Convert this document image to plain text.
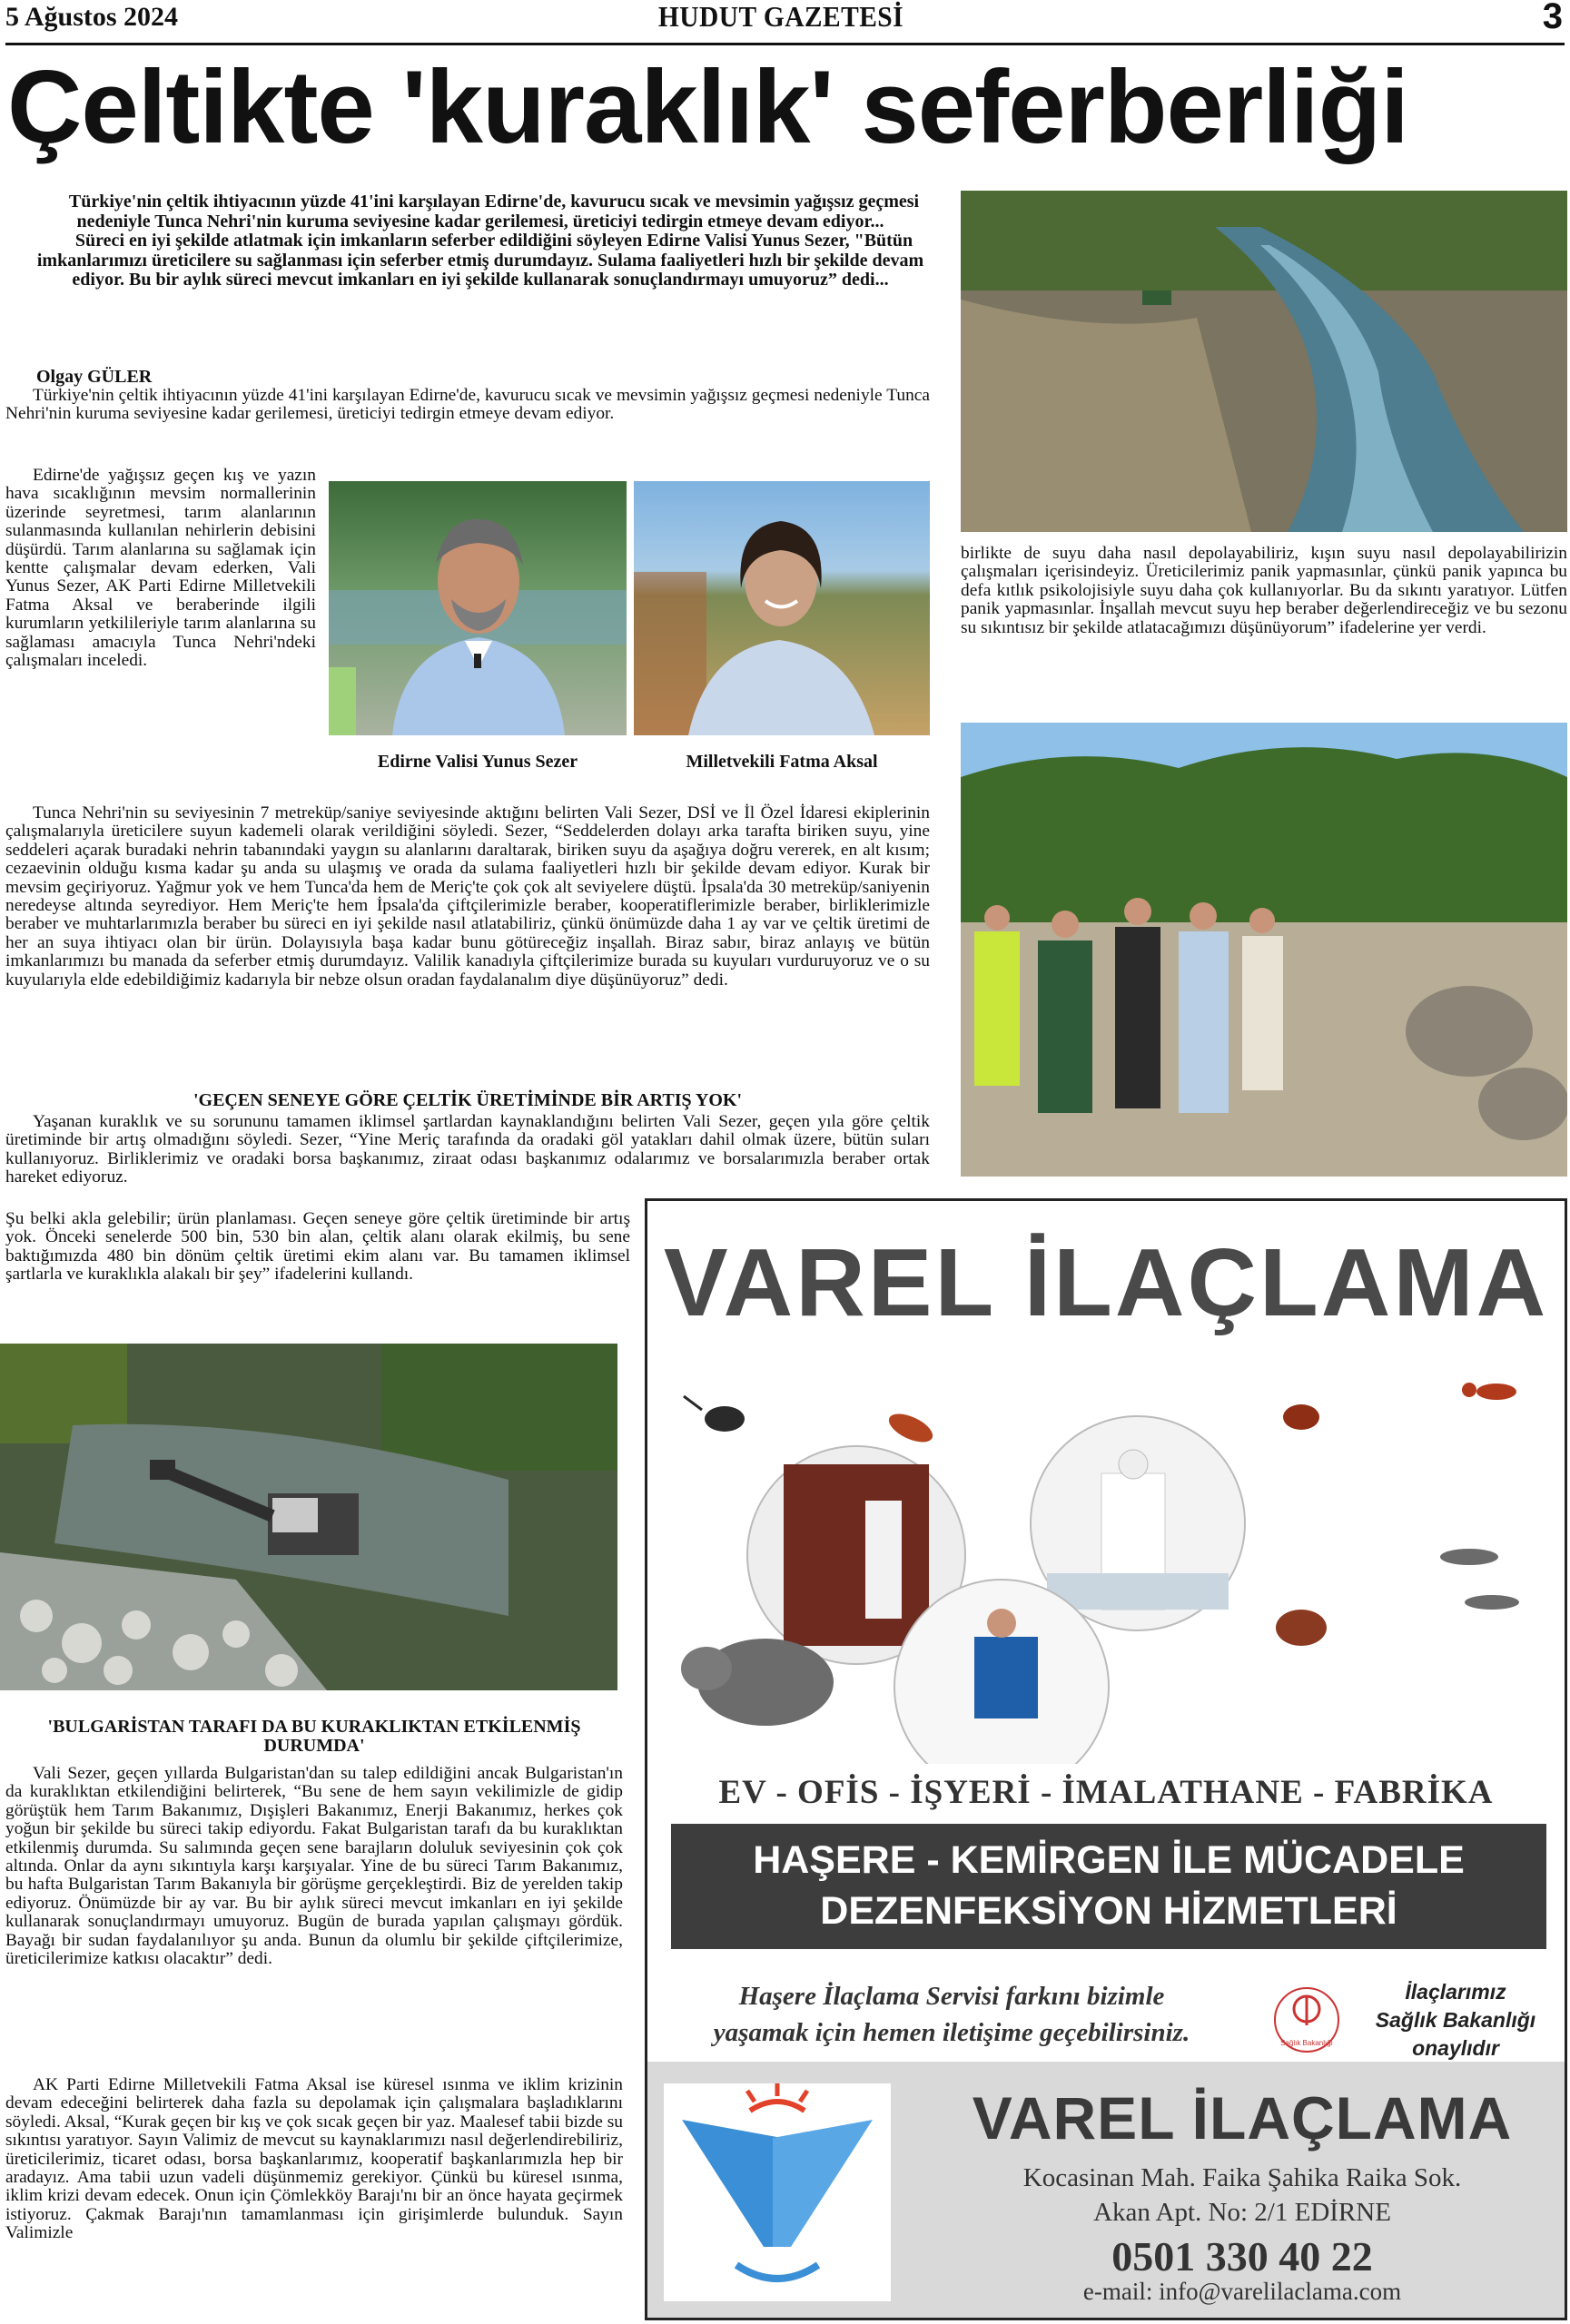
5 Ağustos 2024	HUDUT GAZETESİ	3
Çeltikte 'kuraklık' seferberliği

Türkiye'nin çeltik ihtiyacının yüzde 41'ini karşılayan Edirne'de, kavurucu sıcak ve mevsimin yağışsız geçmesi nedeniyle Tunca Nehri'nin kuruma seviyesine kadar gerilemesi, üreticiyi tedirgin etmeye devam ediyor...

Süreci en iyi şekilde atlatmak için imkanların seferber edildiğini söyleyen Edirne Valisi Yunus Sezer, "Bütün imkanlarımızı üreticilere su sağlanması için seferber etmiş durumdayız. Sulama faaliyetleri hızlı bir şekilde devam ediyor. Bu bir aylık süreci mevcut imkanları en iyi şekilde kullanarak sonuçlandırmayı umuyoruz” dedi...

Olgay GÜLER

Türkiye'nin çeltik ihtiyacının yüzde 41'ini karşılayan Edirne'de, kavurucu sıcak ve mevsimin yağışsız geçmesi nedeniyle Tunca Nehri'nin kuruma seviyesine kadar gerilemesi, üreticiyi tedirgin etmeye devam ediyor.

Edirne'de yağışsız geçen kış ve yazın hava sıcaklığının mevsim normallerinin üzerinde seyretmesi, tarım alanlarının sulanmasında kullanılan nehirlerin debisini düşürdü. Tarım alanlarına su sağlamak için kentte çalışmalar devam ederken, Vali Yunus Sezer, AK Parti Edirne Milletvekili Fatma Aksal ve beraberinde ilgili kurumların yetkilileriyle tarım alanlarına su sağlaması amacıyla Tunca Nehri'ndeki çalışmaları inceledi.

Edirne Valisi Yunus Sezer	Milletvekili Fatma Aksal

Tunca Nehri'nin su seviyesinin 7 metreküp/saniye seviyesinde aktığını belirten Vali Sezer, DSİ ve İl Özel İdaresi ekiplerinin çalışmalarıyla üreticilere suyun kademeli olarak verildiğini söyledi. Sezer, “Seddelerden dolayı arka tarafta biriken suyu, yine seddeleri açarak buradaki nehrin tabanındaki yaygın su alanlarını daraltarak, biriken suyu da aşağıya doğru vererek, en alt kısım; cezaevinin olduğu kısma kadar şu anda su ulaşmış ve orada da sulama faaliyetleri hızlı bir şekilde devam ediyor. Kurak bir mevsim geçiriyoruz. Yağmur yok ve hem Tunca'da hem de Meriç'te çok çok alt seviyelere düştü. İpsala'da 30 metreküp/saniyenin neredeyse altında seyrediyor. Hem Meriç'te hem İpsala'da çiftçilerimizle beraber, kooperatiflerimizle beraber, birliklerimizle beraber ve muhtarlarımızla beraber bu süreci en iyi şekilde nasıl atlatabiliriz, çünkü önümüzde daha 1 ay var ve çeltik üretimi de her an suya ihtiyacı olan bir ürün. Dolayısıyla başa kadar bunu götüreceğiz inşallah. Biraz sabır, biraz anlayış ve bütün imkanlarımızı bu manada da seferber etmiş durumdayız. Valilik kanadıyla çiftçilerimize burada su kuyuları vurduruyoruz ve o su kuyularıyla elde edebildiğimiz kadarıyla bir nebze olsun oradan faydalanalım diye düşünüyoruz” dedi.

'GEÇEN SENEYE GÖRE ÇELTİK ÜRETİMİNDE BİR ARTIŞ YOK'

Yaşanan kuraklık ve su sorununu tamamen iklimsel şartlardan kaynaklandığını belirten Vali Sezer, geçen yıla göre çeltik üretiminde bir artış olmadığını söyledi. Sezer, “Yine Meriç tarafında da oradaki göl yatakları dahil olmak üzere, bütün suları kullanıyoruz. Birliklerimiz ve oradaki borsa başkanımız, ziraat odası başkanımız odalarımız ve borsalarımızla beraber ortak hareket ediyoruz.

Şu belki akla gelebilir; ürün planlaması. Geçen seneye göre çeltik üretiminde bir artış yok. Önceki senelerde 500 bin, 530 bin alan, çeltik alanı olarak ekilmiş, bu sene baktığımızda 480 bin dönüm çeltik üretimi ekim alanı var. Bu tamamen iklimsel şartlarla ve kuraklıkla alakalı bir şey” ifadelerini kullandı.

'BULGARİSTAN TARAFI DA BU KURAKLIKTAN ETKİLENMİŞ DURUMDA'

Vali Sezer, geçen yıllarda Bulgaristan'dan su talep edildiğini ancak Bulgaristan'ın da kuraklıktan etkilendiğini belirterek, “Bu sene de hem sayın vekilimizle de gidip görüştük hem Tarım Bakanımız, Dışişleri Bakanımız, Enerji Bakanımız, herkes çok yoğun bir şekilde bu süreci takip ediyordu. Fakat Bulgaristan tarafı da bu kuraklıktan etkilenmiş durumda. Su salımında geçen sene barajların doluluk seviyesinin çok çok altında. Onlar da aynı sıkıntıyla karşı karşıyalar. Yine de bu süreci Tarım Bakanımız, bu hafta Bulgaristan Tarım Bakanıyla bir görüşme gerçekleştirdi. Biz de yerelden takip ediyoruz. Önümüzde bir ay var. Bu bir aylık süreci mevcut imkanları en iyi şekilde kullanarak sonuçlandırmayı umuyoruz. Bugün de burada yapılan çalışmayı gördük. Bayağı bir sudan faydalanılıyor şu anda. Bunun da olumlu bir şekilde çiftçilerimize, üreticilerimize katkısı olacaktır” dedi.

AK Parti Edirne Milletvekili Fatma Aksal ise küresel ısınma ve iklim krizinin devam edeceğini belirterek daha fazla su depolamak için çalışmalara başladıklarını söyledi. Aksal, “Kurak geçen bir kış ve çok sıcak geçen bir yaz. Maalesef tabii bizde su sıkıntısı yaratıyor. Sayın Valimiz de mevcut su kaynaklarımızı nasıl değerlendirebiliriz, üreticilerimiz, ticaret odası, borsa başkanlarımız, kooperatif başkanlarımızla hep bir aradayız. Ama tabii uzun vadeli düşünmemiz gerekiyor. Çünkü bu küresel ısınma, iklim krizi devam edecek. Onun için Çömlekköy Barajı'nı bir an önce hayata geçirmek istiyoruz. Çakmak Barajı'nın tamamlanması için girişimlerde bulunduk. Sayın Valimizle

birlikte de suyu daha nasıl depolayabiliriz, kışın suyu nasıl depolayabilirizin çalışmaları içerisindeyiz. Üreticilerimiz panik yapmasınlar, çünkü panik yapınca bu defa kıtlık psikolojisiyle suyu daha çok kullanıyorlar. Bu da sıkıntı yaratıyor. Lütfen panik yapmasınlar. İnşallah mevcut suyu hep beraber değerlendireceğiz ve bu sezonu su sıkıntısız bir şekilde atlatacağımızı düşünüyorum” ifadelerine yer verdi.

VAREL İLAÇLAMA
EV - OFİS - İŞYERİ - İMALATHANE - FABRİKA
HAŞERE - KEMİRGEN İLE MÜCADELE
DEZENFEKSİYON HİZMETLERİ
Haşere İlaçlama Servisi farkını bizimle
yaşamak için hemen iletişime geçebilirsiniz.	Sağlık Bakanlığı
İlaçlarımız
Sağlık Bakanlığı
onaylıdır
VAREL İLAÇLAMA
Kocasinan Mah. Faika Şahika Raika Sok.
Akan Apt. No: 2/1 EDİRNE
0501 330 40 22
e-mail: info@varelilaclama.com
